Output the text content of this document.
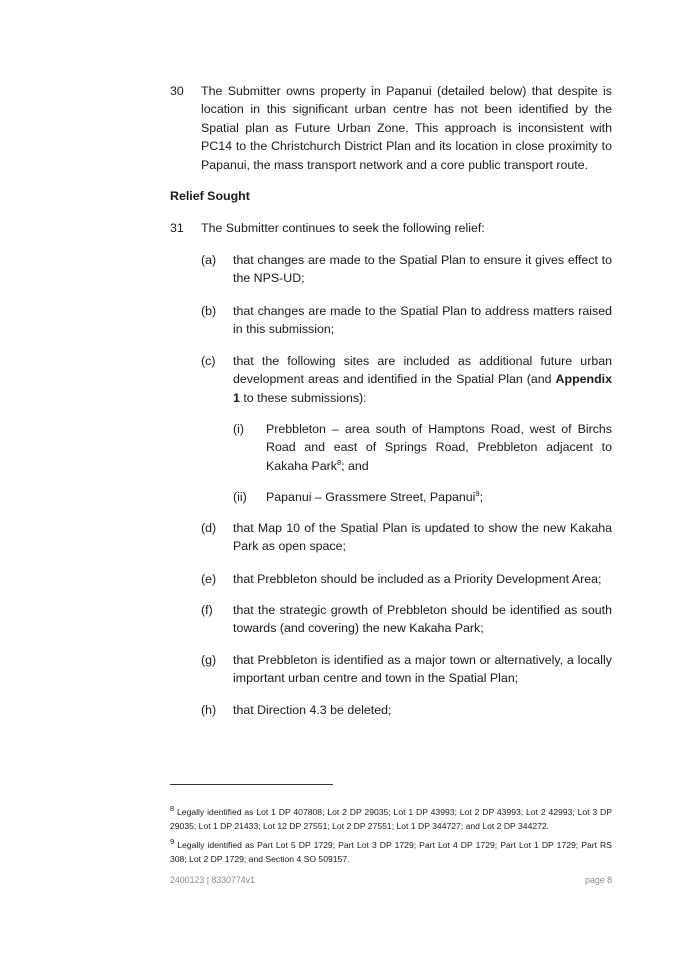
30 The Submitter owns property in Papanui (detailed below) that despite is location in this significant urban centre has not been identified by the Spatial plan as Future Urban Zone. This approach is inconsistent with PC14 to the Christchurch District Plan and its location in close proximity to Papanui, the mass transport network and a core public transport route.
Relief Sought
31 The Submitter continues to seek the following relief:
(a) that changes are made to the Spatial Plan to ensure it gives effect to the NPS-UD;
(b) that changes are made to the Spatial Plan to address matters raised in this submission;
(c) that the following sites are included as additional future urban development areas and identified in the Spatial Plan (and Appendix 1 to these submissions):
(i) Prebbleton – area south of Hamptons Road, west of Birchs Road and east of Springs Road, Prebbleton adjacent to Kakaha Park$^8$; and
(ii) Papanui – Grassmere Street, Papanui$^9$;
(d) that Map 10 of the Spatial Plan is updated to show the new Kakaha Park as open space;
(e) that Prebbleton should be included as a Priority Development Area;
(f) that the strategic growth of Prebbleton should be identified as south towards (and covering) the new Kakaha Park;
(g) that Prebbleton is identified as a major town or alternatively, a locally important urban centre and town in the Spatial Plan;
(h) that Direction 4.3 be deleted;
$^8$ Legally identified as Lot 1 DP 407808; Lot 2 DP 29035; Lot 1 DP 43993; Lot 2 DP 43993; Lot 2 42993; Lot 3 DP 29035; Lot 1 DP 21433; Lot 12 DP 27551; Lot 2 DP 27551; Lot 1 DP 344727; and Lot 2 DP 344272.
$^9$ Legally identified as Part Lot 5 DP 1729; Part Lot 3 DP 1729; Part Lot 4 DP 1729; Part Lot 1 DP 1729; Part RS 308; Lot 2 DP 1729; and Section 4 SO 509157.
2400123 | 8330774v1	page 8
